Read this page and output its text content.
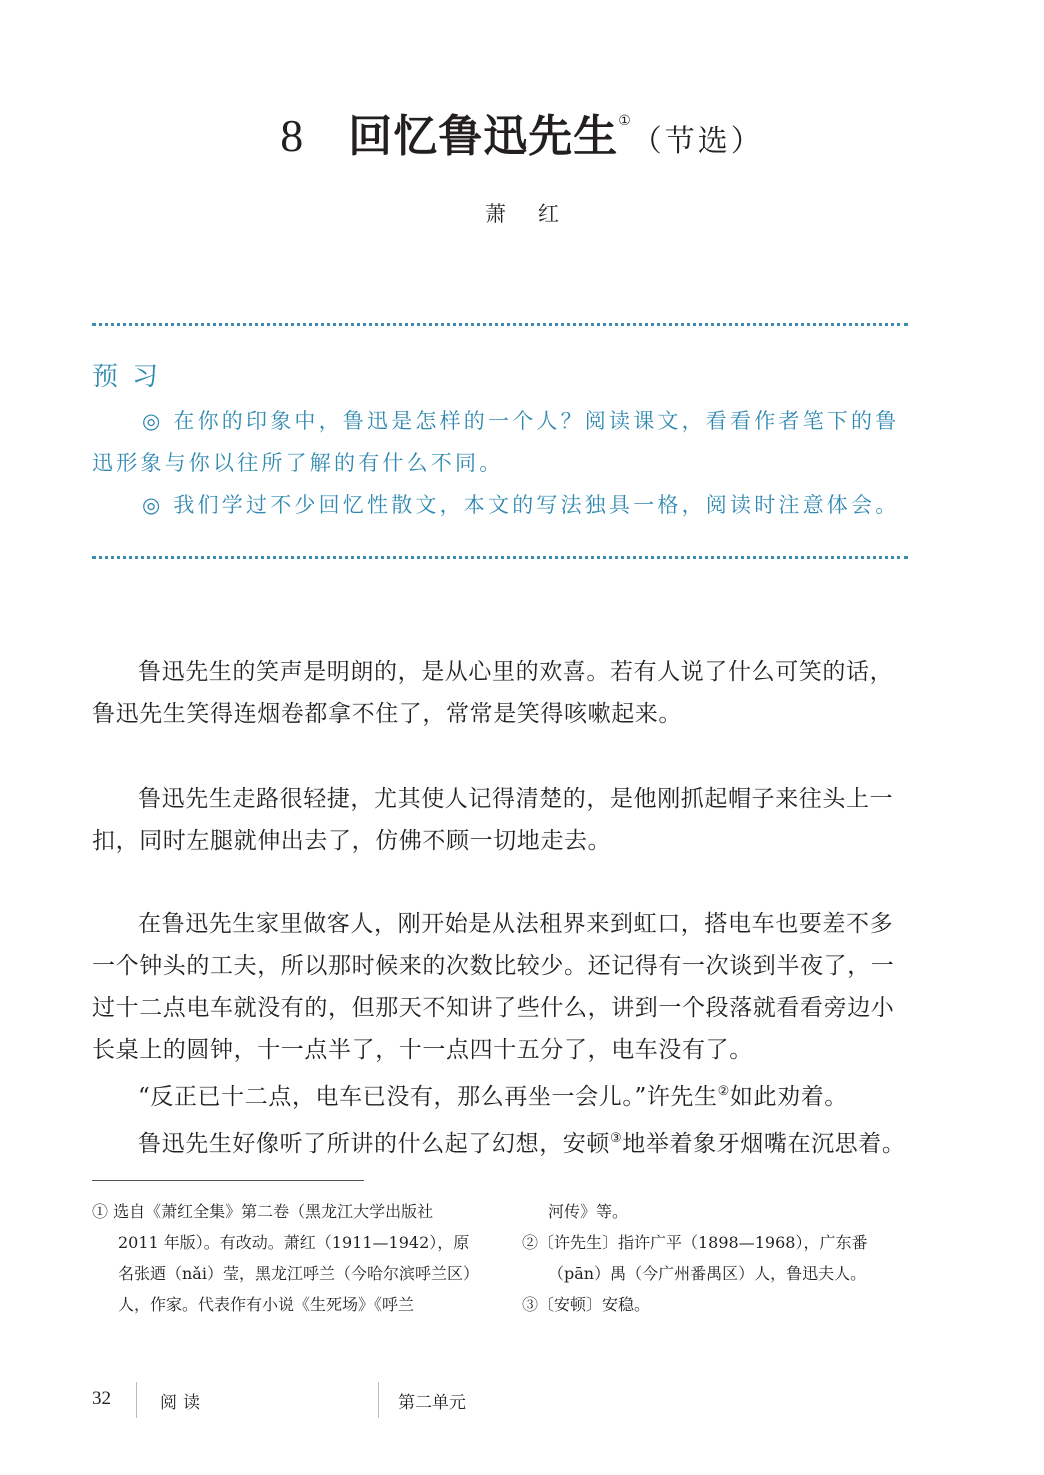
8 回忆鲁迅先生①（节选）
萧红
预习

◎ 在你的印象中，鲁迅是怎样的一个人？阅读课文，看看作者笔下的鲁迅形象与你以往所了解的有什么不同。

◎ 我们学过不少回忆性散文，本文的写法独具一格，阅读时注意体会。

鲁迅先生的笑声是明朗的，是从心里的欢喜。若有人说了什么可笑的话，鲁迅先生笑得连烟卷都拿不住了，常常是笑得咳嗽起来。

鲁迅先生走路很轻捷，尤其使人记得清楚的，是他刚抓起帽子来往头上一扣，同时左腿就伸出去了，仿佛不顾一切地走去。

在鲁迅先生家里做客人，刚开始是从法租界来到虹口，搭电车也要差不多一个钟头的工夫，所以那时候来的次数比较少。还记得有一次谈到半夜了，一过十二点电车就没有的，但那天不知讲了些什么，讲到一个段落就看看旁边小长桌上的圆钟，十一点半了，十一点四十五分了，电车没有了。

“反正已十二点，电车已没有，那么再坐一会儿。”许先生②如此劝着。

鲁迅先生好像听了所讲的什么起了幻想，安顿③地举着象牙烟嘴在沉思着。

① 选自《萧红全集》第二卷（黑龙江大学出版社 2011 年版）。有改动。萧红（1911—1942），原名张迺（nǎi）莹，黑龙江呼兰（今哈尔滨呼兰区）人，作家。代表作有小说《生死场》《呼兰
河传》等。
②〔许先生〕指许广平（1898—1968），广东番（pān）禺（今广州番禺区）人，鲁迅夫人。
③〔安顿〕安稳。
32	阅读	第二单元
